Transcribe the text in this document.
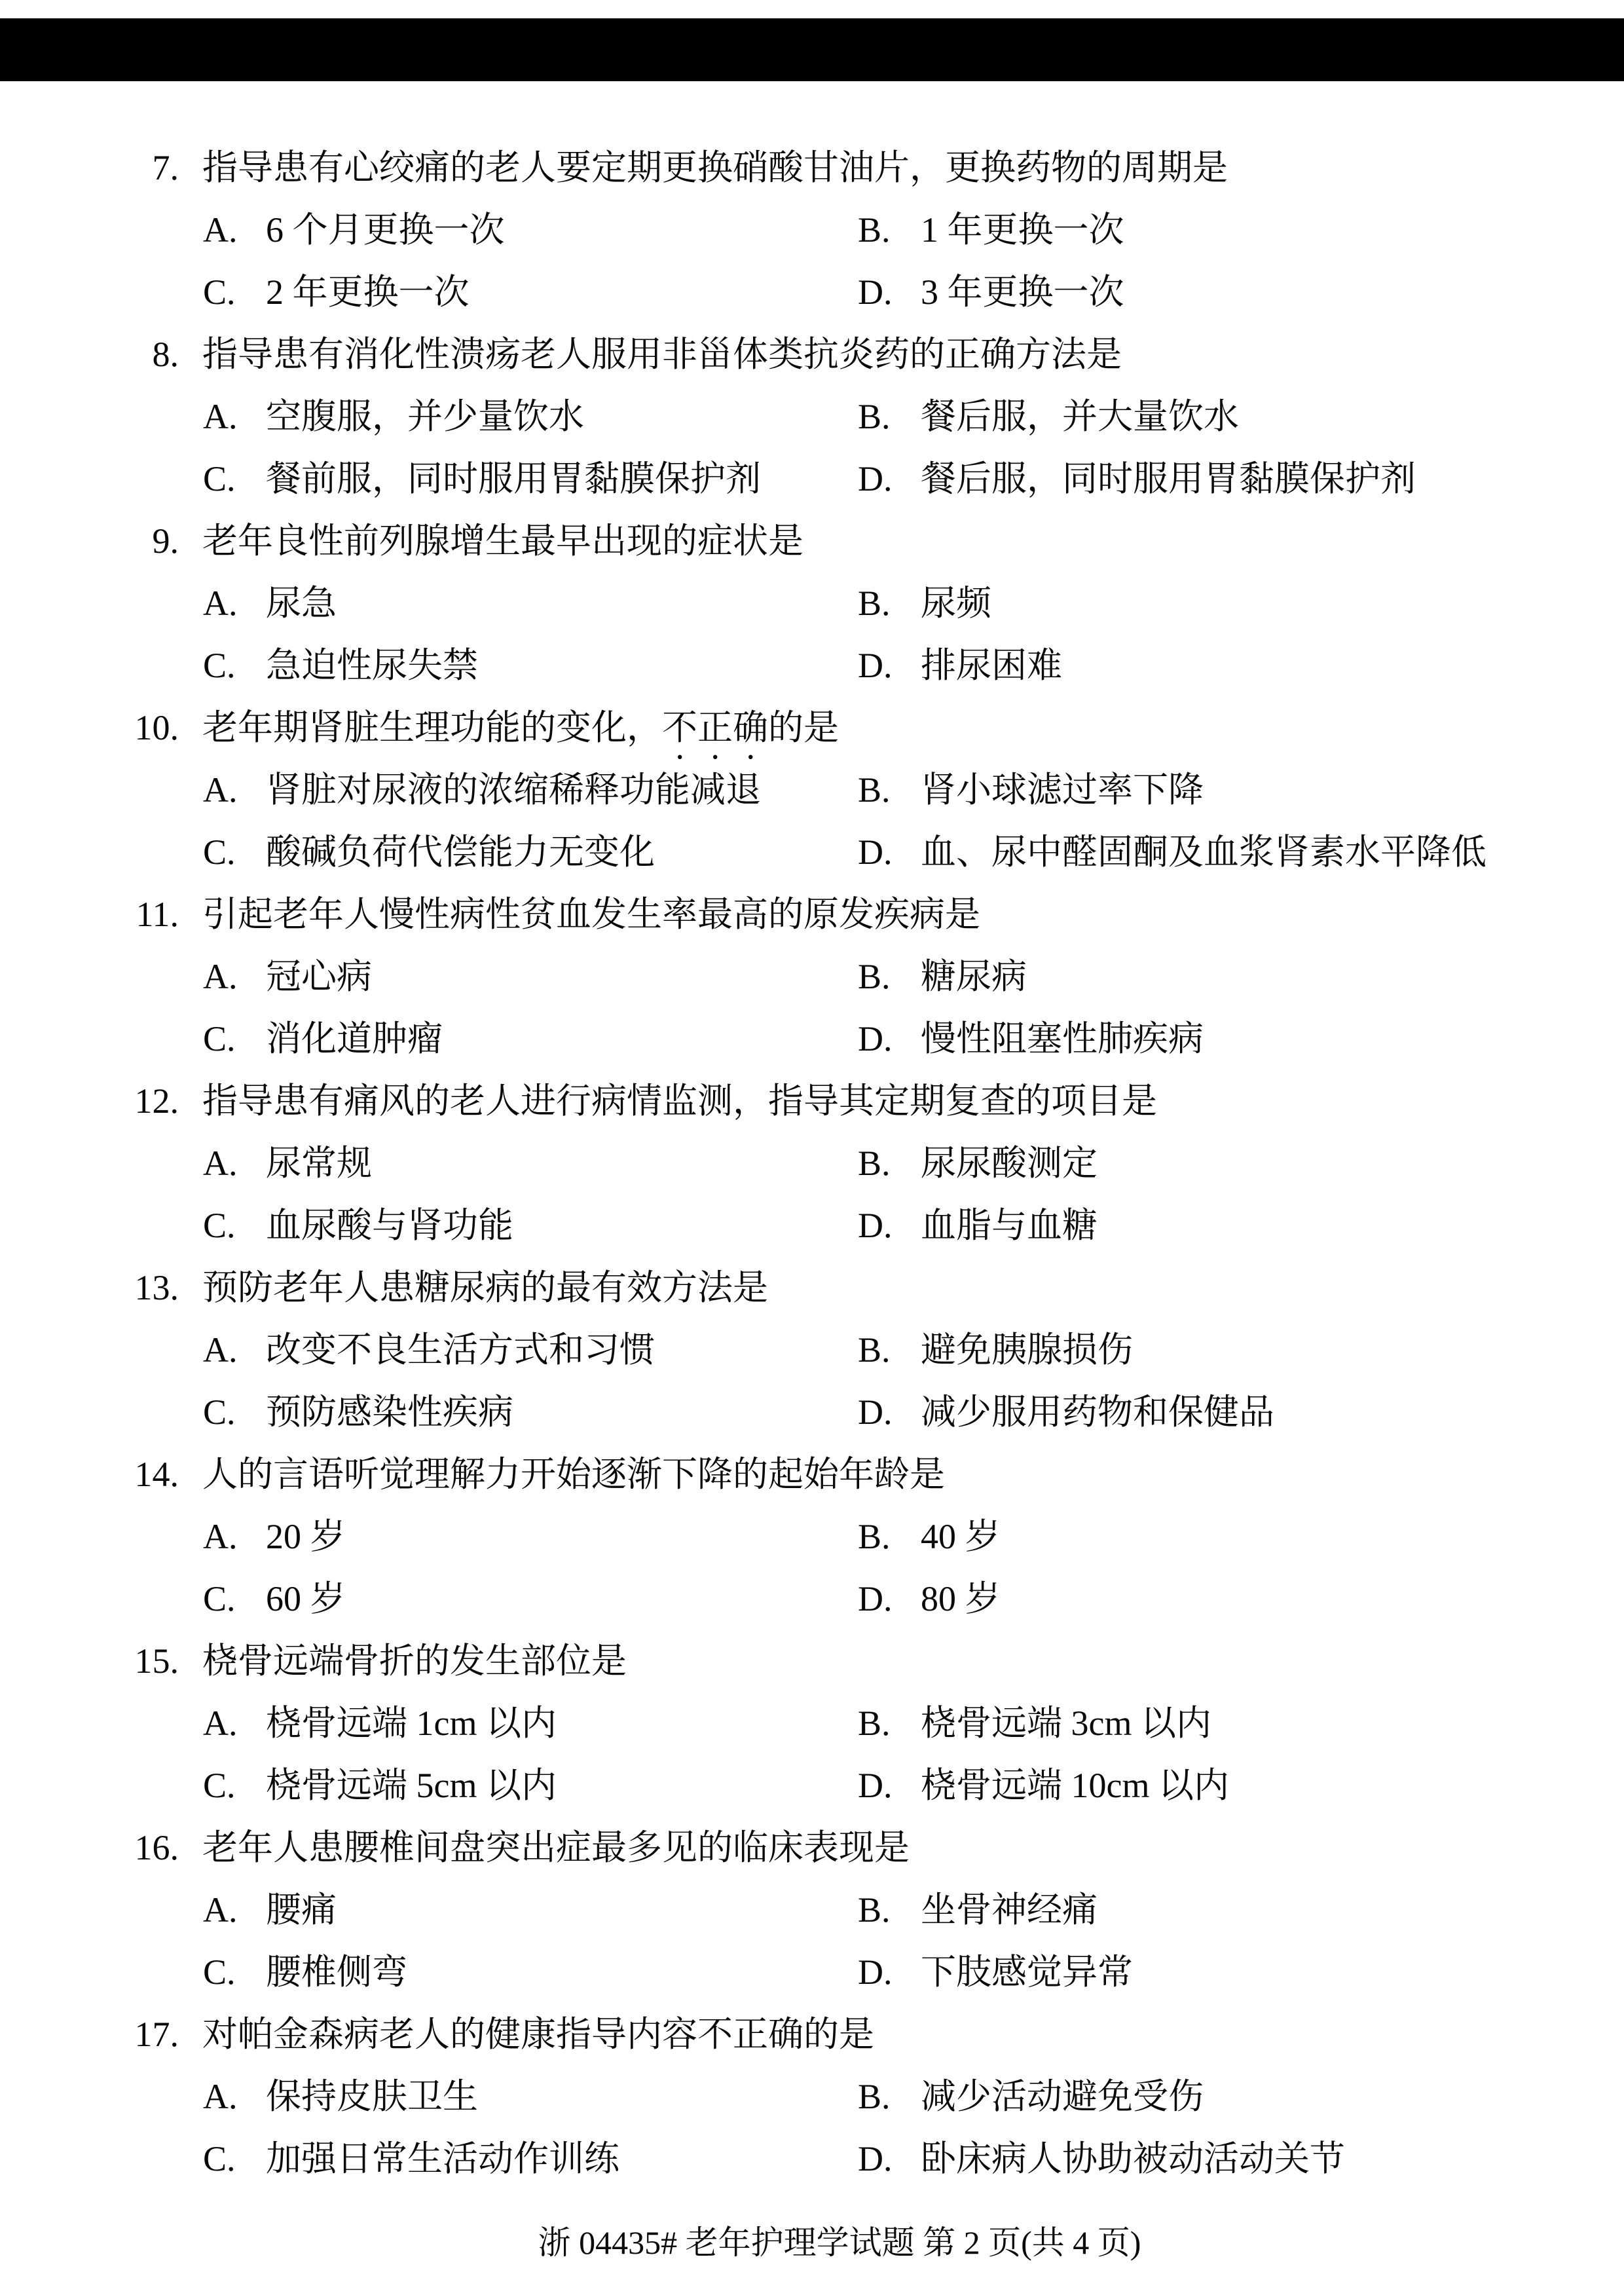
7. 指导患有心绞痛的老人要定期更换硝酸甘油片，更换药物的周期是
A. 6 个月更换一次	B. 1 年更换一次
C. 2 年更换一次	D. 3 年更换一次
8. 指导患有消化性溃疡老人服用非甾体类抗炎药的正确方法是
A. 空腹服，并少量饮水	B. 餐后服，并大量饮水
C. 餐前服，同时服用胃黏膜保护剂	D. 餐后服，同时服用胃黏膜保护剂
9. 老年良性前列腺增生最早出现的症状是
A. 尿急	B. 尿频
C. 急迫性尿失禁	D. 排尿困难
10. 老年期肾脏生理功能的变化，不正确的是
A. 肾脏对尿液的浓缩稀释功能减退	B. 肾小球滤过率下降
C. 酸碱负荷代偿能力无变化	D. 血、尿中醛固酮及血浆肾素水平降低
11. 引起老年人慢性病性贫血发生率最高的原发疾病是
A. 冠心病	B. 糖尿病
C. 消化道肿瘤	D. 慢性阻塞性肺疾病
12. 指导患有痛风的老人进行病情监测，指导其定期复查的项目是
A. 尿常规	B. 尿尿酸测定
C. 血尿酸与肾功能	D. 血脂与血糖
13. 预防老年人患糖尿病的最有效方法是
A. 改变不良生活方式和习惯	B. 避免胰腺损伤
C. 预防感染性疾病	D. 减少服用药物和保健品
14. 人的言语听觉理解力开始逐渐下降的起始年龄是
A. 20 岁	B. 40 岁
C. 60 岁	D. 80 岁
15. 桡骨远端骨折的发生部位是
A. 桡骨远端 1cm 以内	B. 桡骨远端 3cm 以内
C. 桡骨远端 5cm 以内	D. 桡骨远端 10cm 以内
16. 老年人患腰椎间盘突出症最多见的临床表现是
A. 腰痛	B. 坐骨神经痛
C. 腰椎侧弯	D. 下肢感觉异常
17. 对帕金森病老人的健康指导内容不正确的是
A. 保持皮肤卫生	B. 减少活动避免受伤
C. 加强日常生活动作训练	D. 卧床病人协助被动活动关节
浙 04435# 老年护理学试题 第 2 页(共 4 页)
